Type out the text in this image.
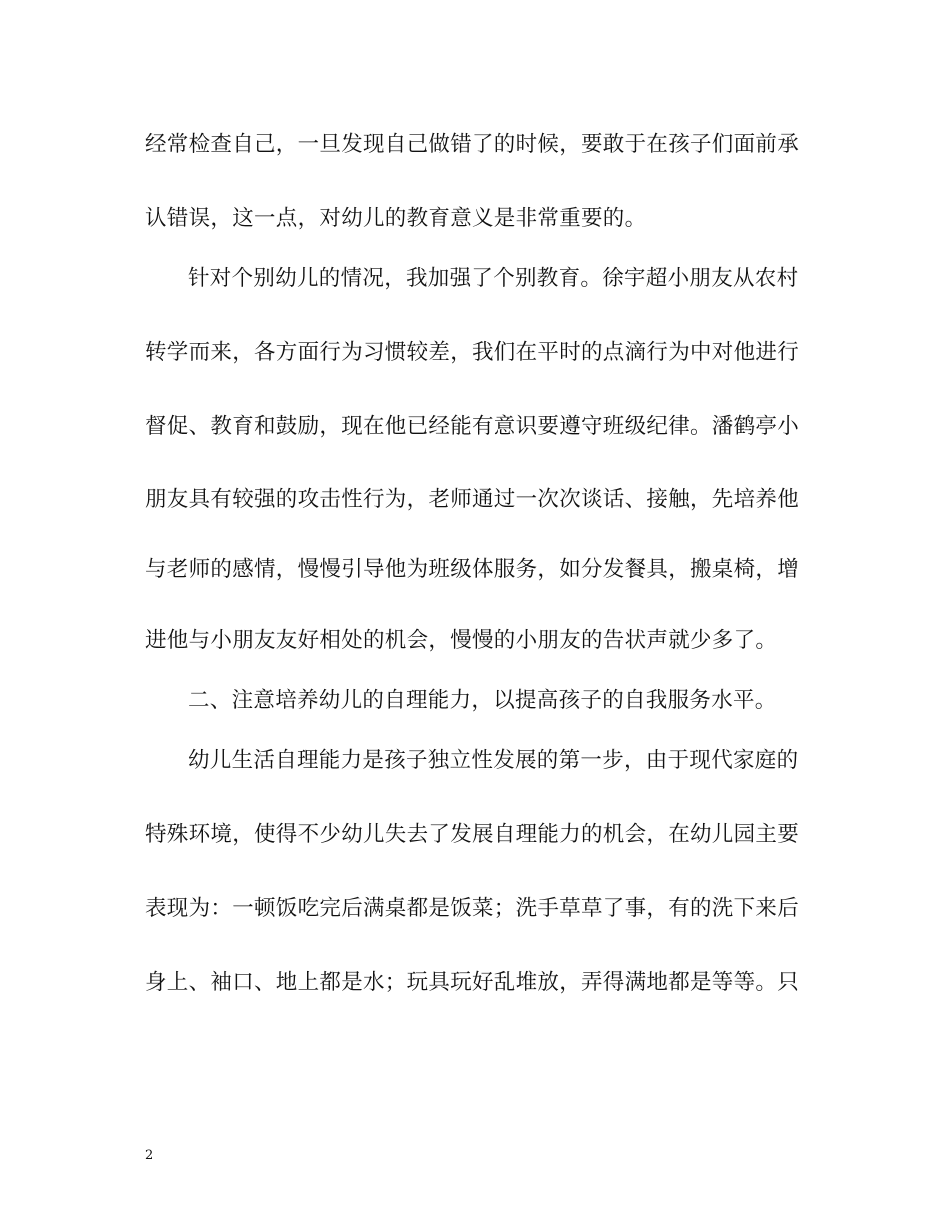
经常检查自己，一旦发现自己做错了的时候，要敢于在孩子们面前承
认错误，这一点，对幼儿的教育意义是非常重要的。
针对个别幼儿的情况，我加强了个别教育。徐宇超小朋友从农村
转学而来，各方面行为习惯较差，我们在平时的点滴行为中对他进行
督促、教育和鼓励，现在他已经能有意识要遵守班级纪律。潘鹤亭小
朋友具有较强的攻击性行为，老师通过一次次谈话、接触，先培养他
与老师的感情，慢慢引导他为班级体服务，如分发餐具，搬桌椅，增
进他与小朋友友好相处的机会，慢慢的小朋友的告状声就少多了。
二、注意培养幼儿的自理能力，以提高孩子的自我服务水平。
幼儿生活自理能力是孩子独立性发展的第一步，由于现代家庭的
特殊环境，使得不少幼儿失去了发展自理能力的机会，在幼儿园主要
表现为：一顿饭吃完后满桌都是饭菜；洗手草草了事，有的洗下来后
身上、袖口、地上都是水；玩具玩好乱堆放，弄得满地都是等等。只
2
